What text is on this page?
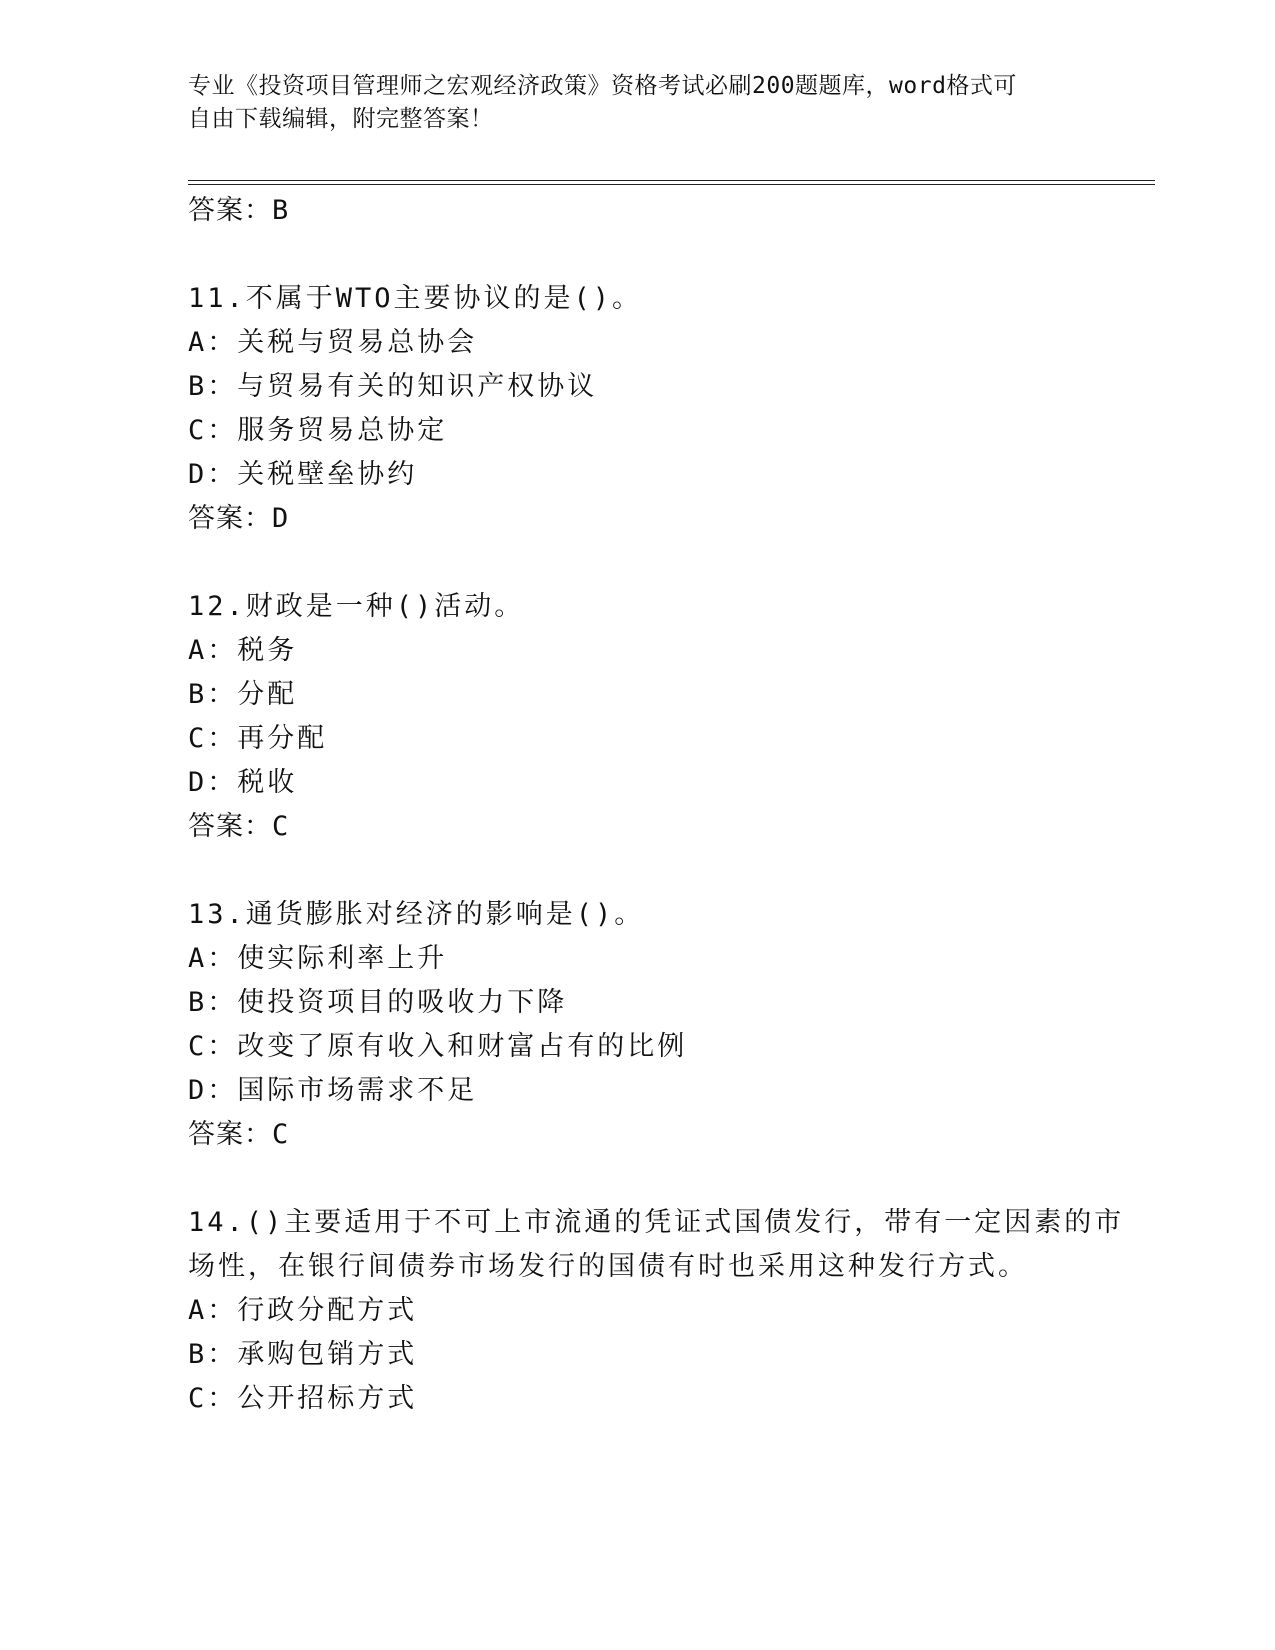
专业《投资项目管理师之宏观经济政策》资格考试必刷200题题库，word格式可
自由下载编辑，附完整答案！
答案：B
11.不属于WTO主要协议的是()。
A：关税与贸易总协会
B：与贸易有关的知识产权协议
C：服务贸易总协定
D：关税壁垒协约
答案：D
12.财政是一种()活动。
A：税务
B：分配
C：再分配
D：税收
答案：C
13.通货膨胀对经济的影响是()。
A：使实际利率上升
B：使投资项目的吸收力下降
C：改变了原有收入和财富占有的比例
D：国际市场需求不足
答案：C
14.()主要适用于不可上市流通的凭证式国债发行，带有一定因素的市
场性，在银行间债券市场发行的国债有时也采用这种发行方式。
A：行政分配方式
B：承购包销方式
C：公开招标方式
